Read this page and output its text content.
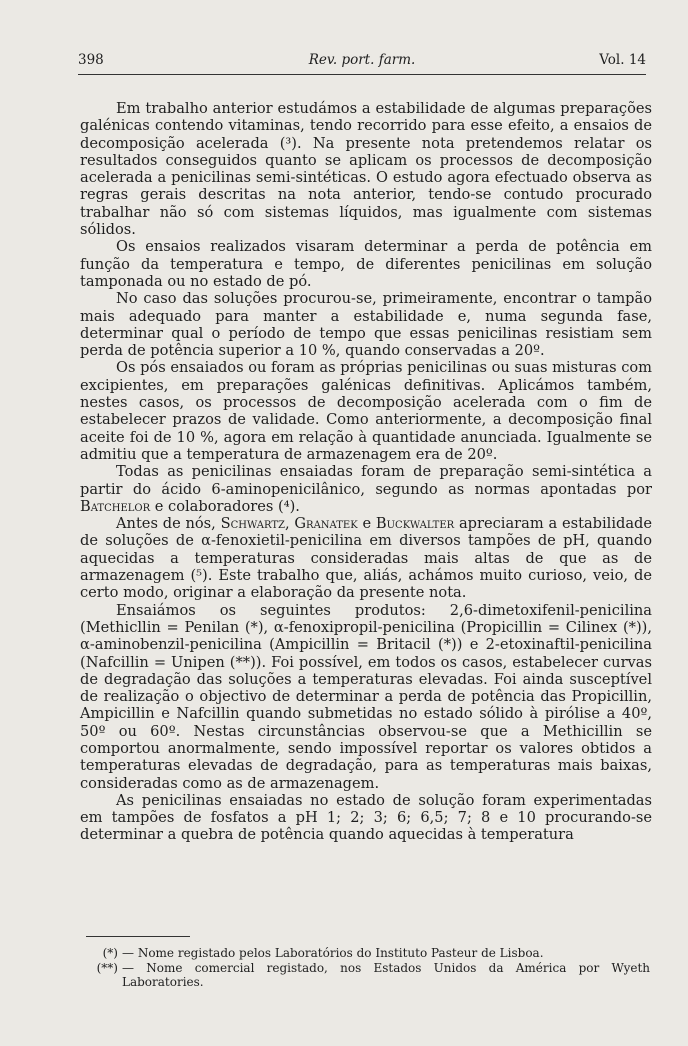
398	Rev. port. farm.	Vol. 14

Em trabalho anterior estudámos a estabilidade de algumas preparações galénicas contendo vitaminas, tendo recorrido para esse efeito, a ensaios de decomposição acelerada (³). Na presente nota pretendemos relatar os resultados conseguidos quanto se aplicam os processos de decomposição acelerada a penicilinas semi-sintéticas. O estudo agora efectuado observa as regras gerais descritas na nota anterior, tendo-se contudo procurado trabalhar não só com sistemas líquidos, mas igualmente com sistemas sólidos.

Os ensaios realizados visaram determinar a perda de potência em função da temperatura e tempo, de diferentes penicilinas em solução tamponada ou no estado de pó.

No caso das soluções procurou-se, primeiramente, encontrar o tampão mais adequado para manter a estabilidade e, numa segunda fase, determinar qual o período de tempo que essas penicilinas resistiam sem perda de potência superior a 10 %, quando conservadas a 20º.

Os pós ensaiados ou foram as próprias penicilinas ou suas misturas com excipientes, em preparações galénicas definitivas. Aplicámos também, nestes casos, os processos de decomposição acelerada com o fim de estabelecer prazos de validade. Como anteriormente, a decomposição final aceite foi de 10 %, agora em relação à quantidade anunciada. Igualmente se admitiu que a temperatura de armazenagem era de 20º.

Todas as penicilinas ensaiadas foram de preparação semi-sintética a partir do ácido 6-aminopenicilânico, segundo as normas apontadas por Batchelor e colaboradores (⁴).

Antes de nós, Schwartz, Granatek e Buckwalter apreciaram a estabilidade de soluções de α-fenoxietil-penicilina em diversos tampões de pH, quando aquecidas a temperaturas consideradas mais altas de que as de armazenagem (⁵). Este trabalho que, aliás, achámos muito curioso, veio, de certo modo, originar a elaboração da presente nota.

Ensaiámos os seguintes produtos: 2,6-dimetoxifenil-penicilina (Methicllin = Penilan (*), α-fenoxipropil-penicilina (Propicillin = Cilinex (*)), α-aminobenzil-penicilina (Ampicillin = Britacil (*)) e 2-etoxinaftil-penicilina (Nafcillin = Unipen (**)). Foi possível, em todos os casos, estabelecer curvas de degradação das soluções a temperaturas elevadas. Foi ainda susceptível de realização o objectivo de determinar a perda de potência das Propicillin, Ampicillin e Nafcillin quando submetidas no estado sólido à pirólise a 40º, 50º ou 60º. Nestas circunstâncias observou-se que a Methicillin se comportou anormalmente, sendo impossível reportar os valores obtidos a temperaturas elevadas de degradação, para as temperaturas mais baixas, consideradas como as de armazenagem.

As penicilinas ensaiadas no estado de solução foram experimentadas em tampões de fosfatos a pH 1; 2; 3; 6; 6,5; 7; 8 e 10 procurando-se determinar a quebra de potência quando aquecidas à temperatura

(*) — Nome registado pelos Laboratórios do Instituto Pasteur de Lisboa.
(**) — Nome comercial registado, nos Estados Unidos da América por Wyeth Laboratories.
